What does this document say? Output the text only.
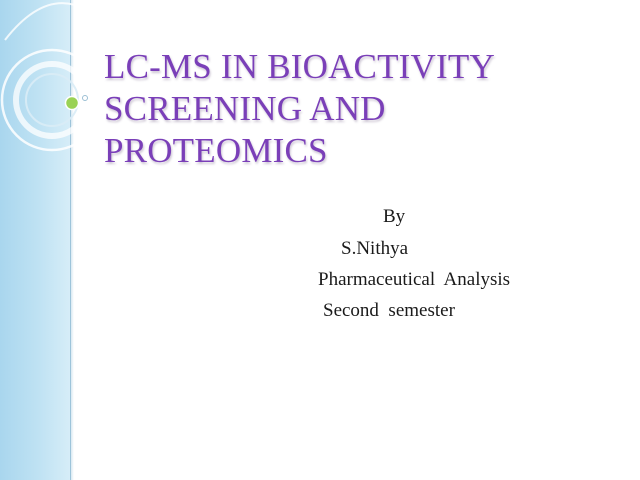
LC-MS IN BIOACTIVITY
SCREENING AND
PROTEOMICS
By
S.Nithya
Pharmaceutical  Analysis
Second  semester
